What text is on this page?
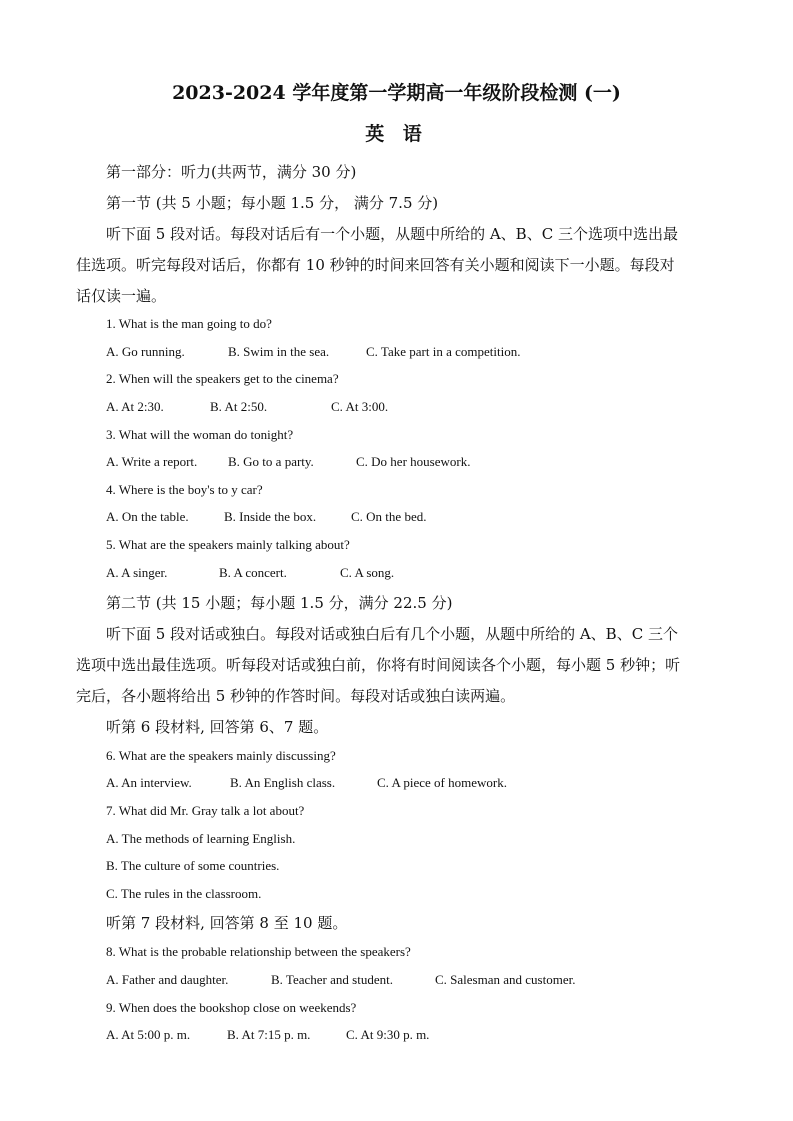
2023-2024 学年度第一学期高一年级阶段检测 (一)
英 语
第一部分：听力(共两节，满分 30 分)
第一节 (共 5 小题；每小题 1.5 分， 满分 7.5 分)
听下面 5 段对话。每段对话后有一个小题，从题中所给的 A、B、C 三个选项中选出最
佳选项。听完每段对话后，你都有 10 秒钟的时间来回答有关小题和阅读下一小题。每段对
话仅读一遍。
1. What is the man going to do?
A. Go running.	B. Swim in the sea.	C. Take part in a competition.
2. When will the speakers get to the cinema?
A. At 2:30.	B. At 2:50.	C. At 3:00.
3. What will the woman do tonight?
A. Write a report. B. Go to a party.	C. Do her housework.
4. Where is the boy's to y car?
A. On the table.	B. Inside the box.	C. On the bed.
5. What are the speakers mainly talking about?
A. A singer.	B. A concert.	C. A song.
第二节 (共 15 小题；每小题 1.5 分，满分 22.5 分)
听下面 5 段对话或独白。每段对话或独白后有几个小题，从题中所给的 A、B、C 三个
选项中选出最佳选项。听每段对话或独白前，你将有时间阅读各个小题，每小题 5 秒钟；听
完后，各小题将给出 5 秒钟的作答时间。每段对话或独白读两遍。
听第 6 段材料, 回答第 6、7 题。
6. What are the speakers mainly discussing?
A. An interview.	B. An English class.	C. A piece of homework.
7. What did Mr. Gray talk a lot about?
A. The methods of learning English.
B. The culture of some countries.
C. The rules in the classroom.
听第 7 段材料, 回答第 8 至 10 题。
8. What is the probable relationship between the speakers?
A. Father and daughter.	B. Teacher and student.	C. Salesman and customer.
9. When does the bookshop close on weekends?
A. At 5:00 p. m.	B. At 7:15 p. m.	C. At 9:30 p. m.
